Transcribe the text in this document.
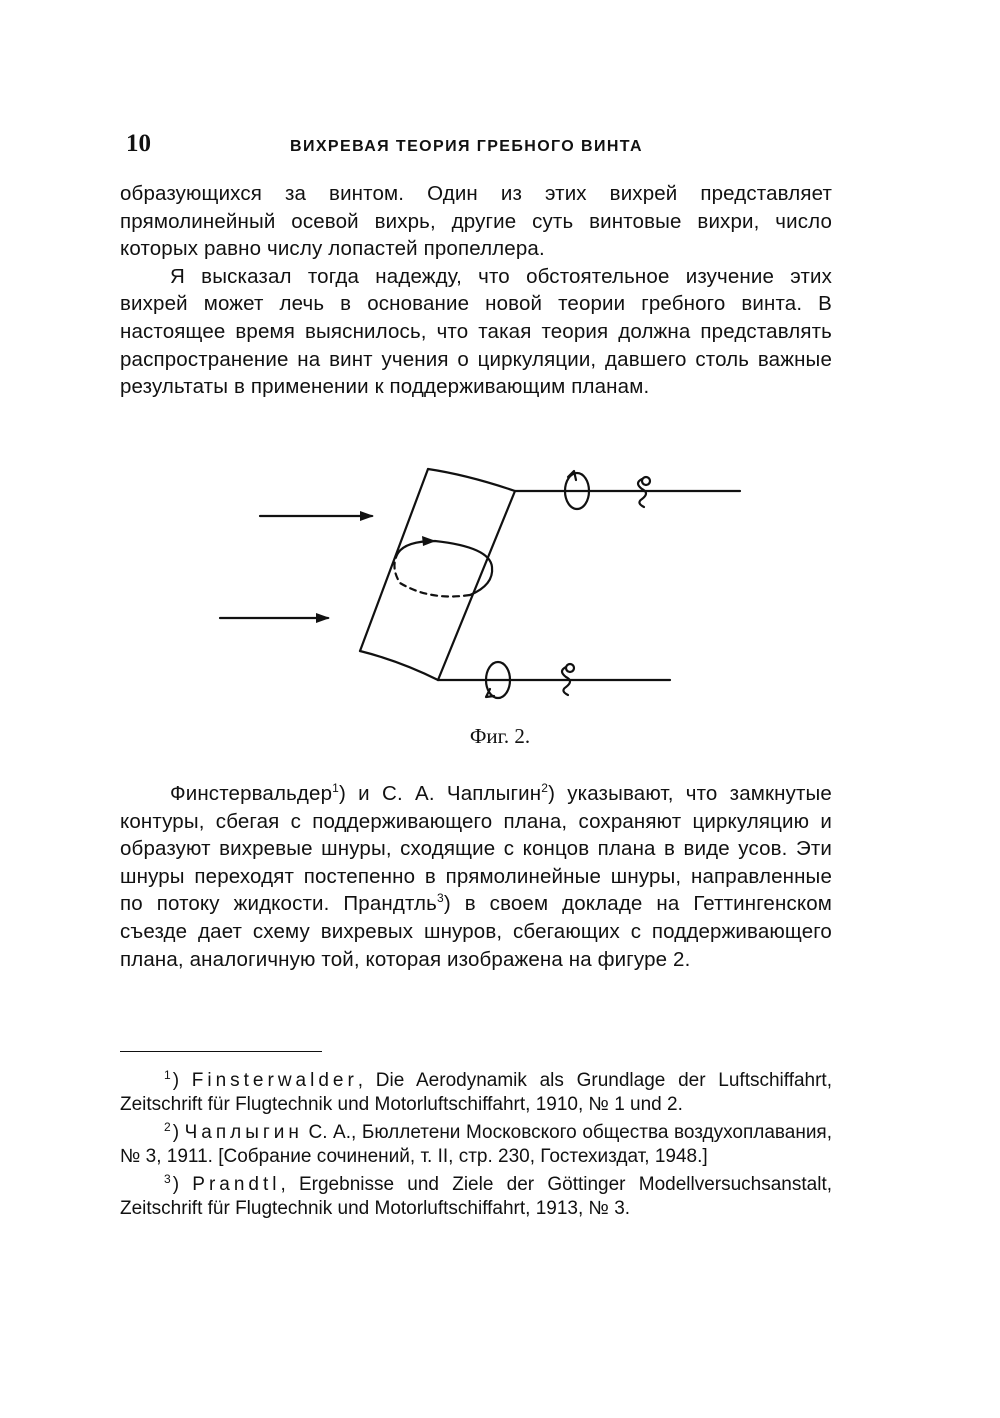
10	ВИХРЕВАЯ ТЕОРИЯ ГРЕБНОГО ВИНТА

образующихся за винтом. Один из этих вихрей представляет прямолинейный осевой вихрь, другие суть винтовые вихри, число которых равно числу лопастей пропеллера.

Я высказал тогда надежду, что обстоятельное изучение этих вихрей может лечь в основание новой теории гребного винта. В настоящее время выяснилось, что такая теория должна представлять распространение на винт учения о циркуляции, давшего столь важные результаты в применении к поддерживающим планам.

Фиг. 2.

Финстервальдер$^1$) и С. А. Чаплыгин$^2$) указывают, что замкнутые контуры, сбегая с поддерживающего плана, сохраняют циркуляцию и образуют вихревые шнуры, сходящие с концов плана в виде усов. Эти шнуры переходят постепенно в прямолинейные шнуры, направленные по потоку жидкости. Прандтль$^3$) в своем докладе на Геттингенском съезде дает схему вихревых шнуров, сбегающих с поддерживающего плана, аналогичную той, которая изображена на фигуре 2.

$^1$ ) Finsterwalder, Die Aerodynamik als Grundlage der Luftschiffahrt, Zeitschrift für Flugtechnik und Motorluftschiffahrt, 1910, № 1 und 2.

$^2$ ) Чаплыгин С. А., Бюллетени Московского общества воздухоплавания, № 3, 1911. [Собрание сочинений, т. II, стр. 230, Гостехиздат, 1948.]

$^3$ ) Prandtl, Ergebnisse und Ziele der Göttinger Modellversuchsanstalt, Zeitschrift für Flugtechnik und Motorluftschiffahrt, 1913, № 3.
